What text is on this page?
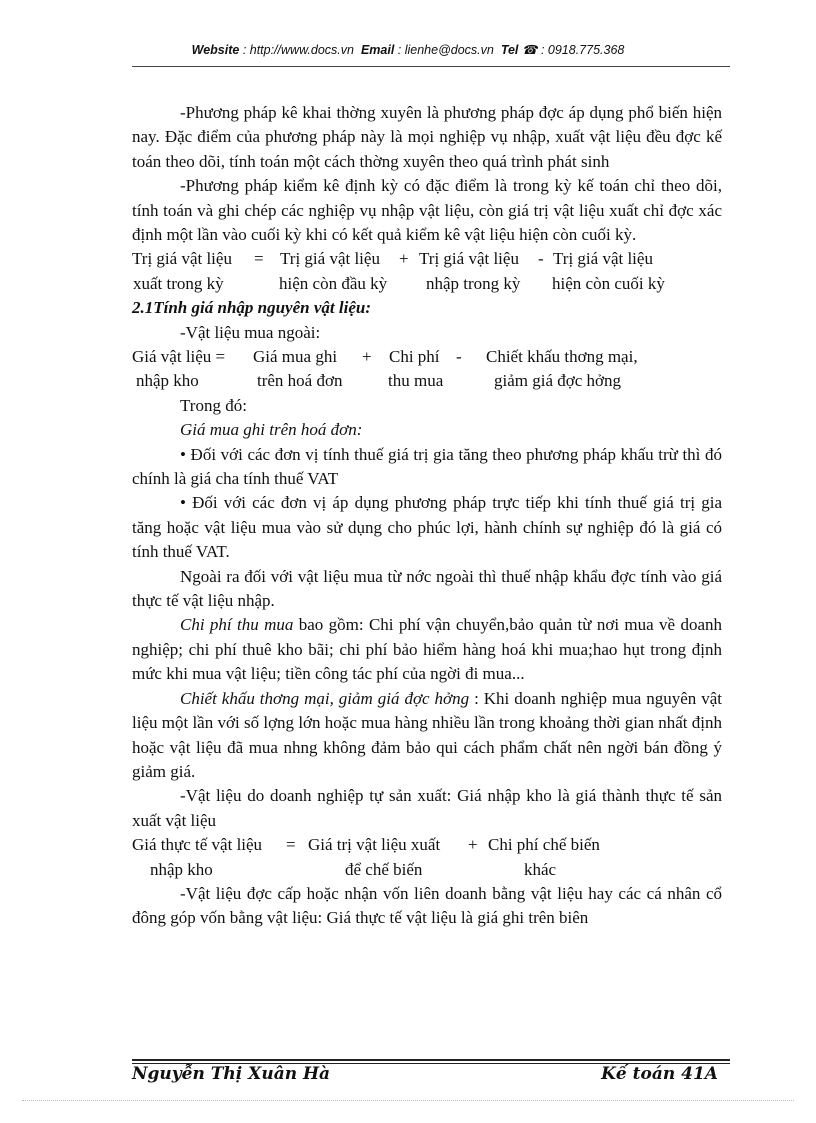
Website : http://www.docs.vn Email : lienhe@docs.vn Tel ☎ : 0918.775.368

-Phương pháp kê khai thờng xuyên là phương pháp đợc áp dụng phổ biến hiện nay. Đặc điểm của phương pháp này là mọi nghiệp vụ nhập, xuất vật liệu đều đợc kế toán theo dõi, tính toán một cách thờng xuyên theo quá trình phát sinh

-Phương pháp kiểm kê định kỳ có đặc điểm là trong kỳ kế toán chỉ theo dõi, tính toán và ghi chép các nghiệp vụ nhập vật liệu, còn giá trị vật liệu xuất chỉ đợc xác định một lần vào cuối kỳ khi có kết quả kiểm kê vật liệu hiện còn cuối kỳ.

Trị giá vật liệu = Trị giá vật liệu + Trị giá vật liệu - Trị giá vật liệu
xuất trong kỳ	hiện còn đầu kỳ nhập trong kỳ hiện còn cuối kỳ

2.1Tính giá nhập nguyên vật liệu:

-Vật liệu mua ngoài:

Giá vật liệu = Giá mua ghi + Chi phí - Chiết khấu thơng mại,
nhập kho	trên hoá đơn	thu mua	giảm giá đợc hởng

Trong đó:

Giá mua ghi trên hoá đơn:

• Đối với các đơn vị tính thuế giá trị gia tăng theo phương pháp khấu trừ thì đó chính là giá cha tính thuế VAT

• Đối với các đơn vị áp dụng phương pháp trực tiếp khi tính thuế giá trị gia tăng hoặc vật liệu mua vào sử dụng cho phúc lợi, hành chính sự nghiệp đó là giá có tính thuế VAT.

Ngoài ra đối với vật liệu mua từ nớc ngoài thì thuế nhập khẩu đợc tính vào giá thực tế vật liệu nhập.

Chi phí thu mua bao gồm: Chi phí vận chuyển,bảo quản từ nơi mua về doanh nghiệp; chi phí thuê kho bãi; chi phí bảo hiểm hàng hoá khi mua;hao hụt trong định mức khi mua vật liệu; tiền công tác phí của ngời đi mua...

Chiết khấu thơng mại, giảm giá đợc hởng : Khi doanh nghiệp mua nguyên vật liệu một lần với số lợng lớn hoặc mua hàng nhiều lần trong khoảng thời gian nhất định hoặc vật liệu đã mua nhng không đảm bảo qui cách phẩm chất nên ngời bán đồng ý giảm giá.

-Vật liệu do doanh nghiệp tự sản xuất: Giá nhập kho là giá thành thực tế sản xuất vật liệu

Giá thực tế vật liệu = Giá trị vật liệu xuất + Chi phí chế biến
nhập kho	để chế biến	khác

-Vật liệu đợc cấp hoặc nhận vốn liên doanh bằng vật liệu hay các cá nhân cổ đông góp vốn bằng vật liệu: Giá thực tế vật liệu là giá ghi trên biên

Nguyễn Thị Xuân Hà	Kế toán 41A
